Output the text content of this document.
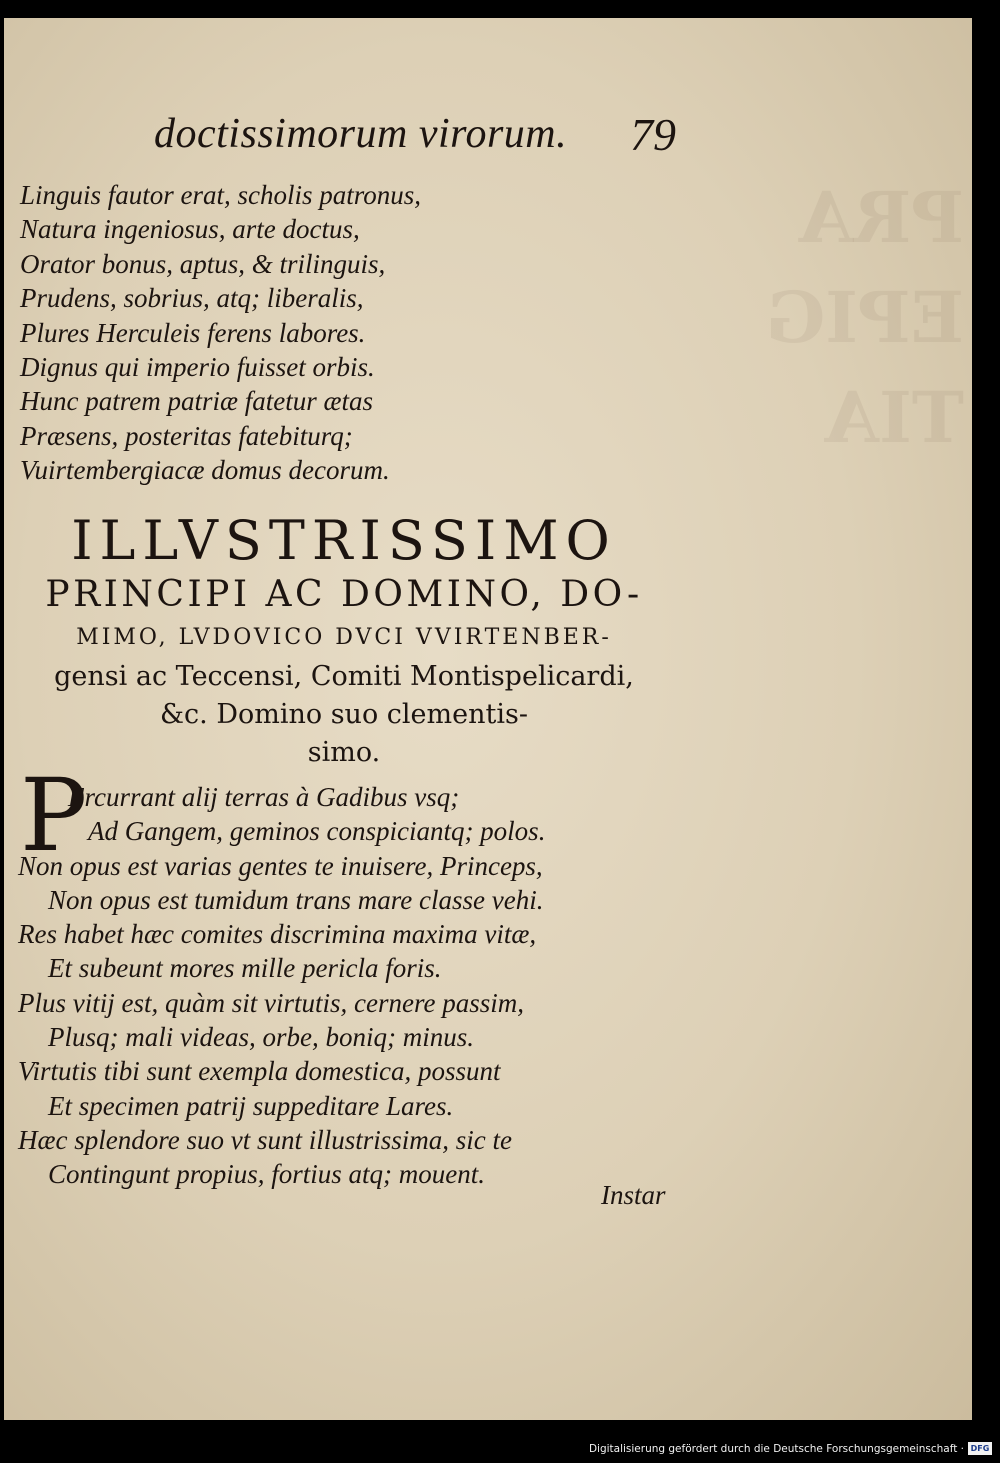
PRA
EPIG
TIA
doctissimorum virorum. 79
Linguis fautor erat, scholis patronus,
Natura ingeniosus, arte doctus,
Orator bonus, aptus, & trilinguis,
Prudens, sobrius, atq; liberalis,
Plures Herculeis ferens labores.
Dignus qui imperio fuisset orbis.
Hunc patrem patriæ fatetur ætas
Præsens, posteritas fatebiturq;
Vuirtembergiacæ domus decorum.
ILLVSTRISSIMO
PRINCIPI AC DOMINO, DO-
MIMO, LVDOVICO DVCI VVIRTENBER-
gensi ac Teccensi, Comiti Montispelicardi,
&c. Domino suo clementis-
simo.
P
Ercurrant alij terras à Gadibus vsq;
Ad Gangem, geminos conspiciantq; polos.
Non opus est varias gentes te inuisere, Princeps,
Non opus est tumidum trans mare classe vehi.
Res habet hæc comites discrimina maxima vitæ,
Et subeunt mores mille pericla foris.
Plus vitij est, quàm sit virtutis, cernere passim,
Plusq; mali videas, orbe, boniq; minus.
Virtutis tibi sunt exempla domestica, possunt
Et specimen patrij suppeditare Lares.
Hæc splendore suo vt sunt illustrissima, sic te
Contingunt propius, fortius atq; mouent.
Instar
Digitalisierung gefördert durch die Deutsche Forschungsgemeinschaft · DFG
